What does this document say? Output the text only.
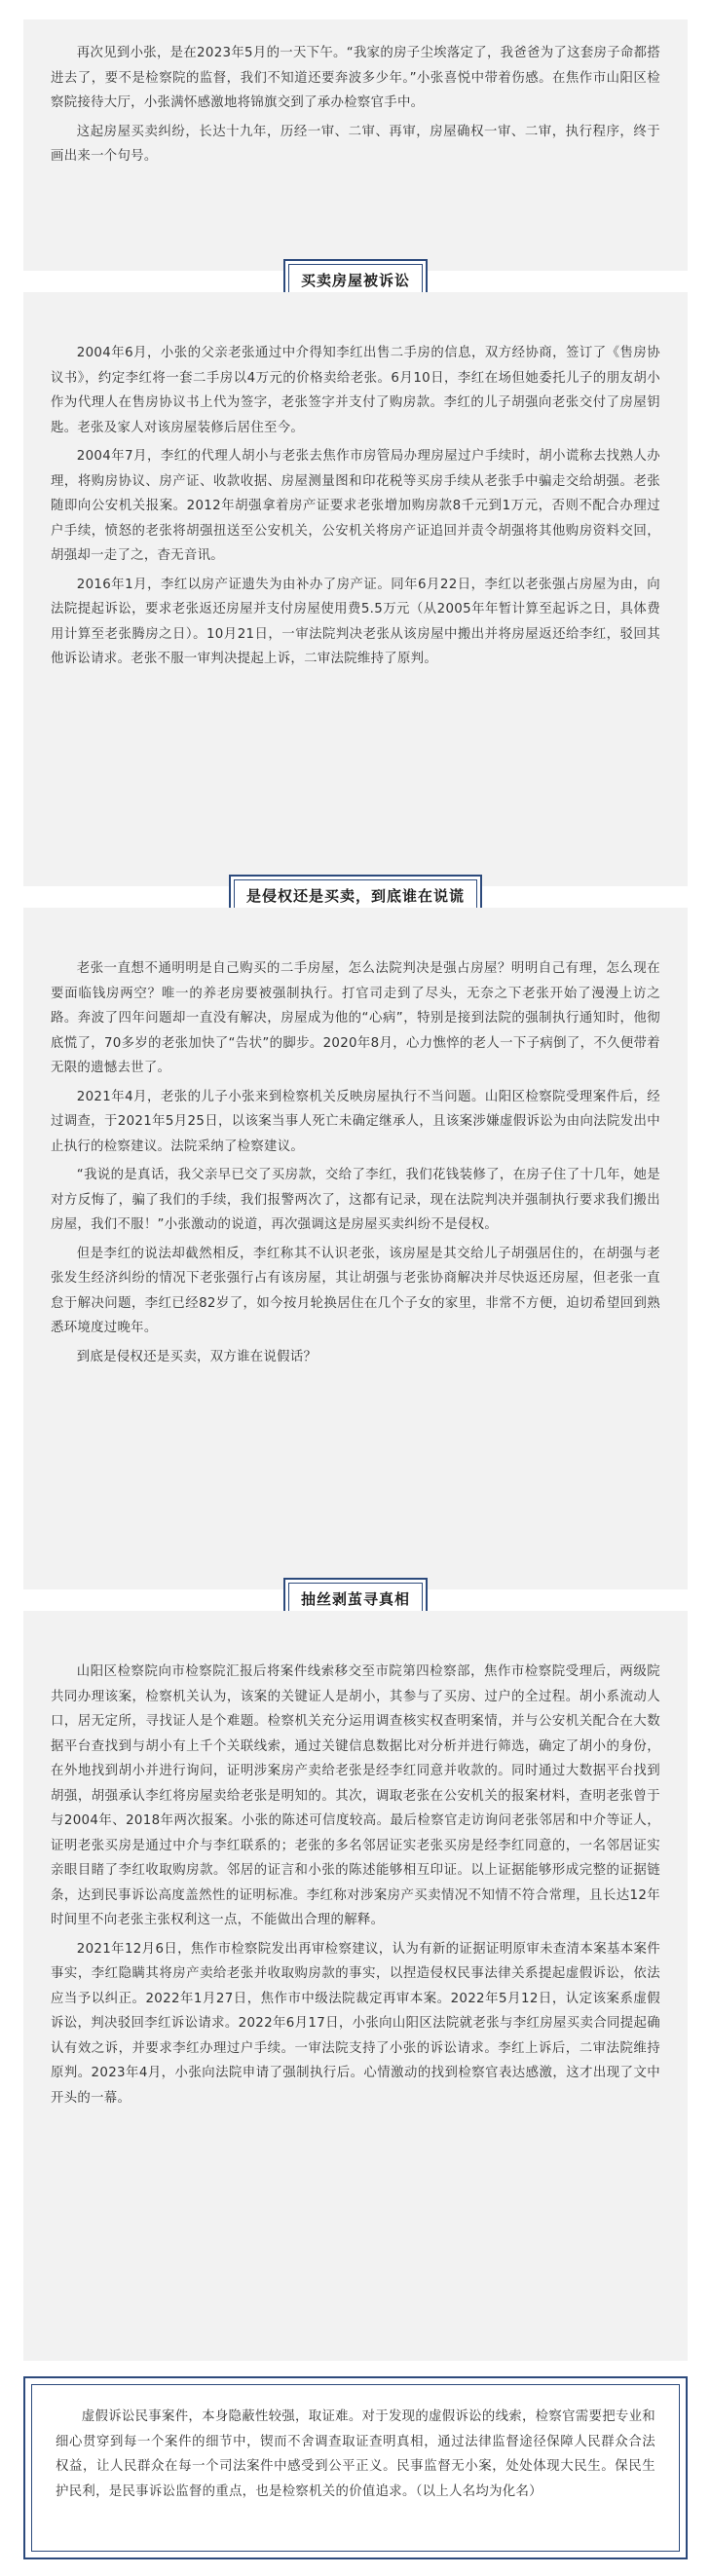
再次见到小张，是在2023年5月的一天下午。“我家的房子尘埃落定了，我爸爸为了这套房子命都搭进去了，要不是检察院的监督，我们不知道还要奔波多少年。”小张喜悦中带着伤感。在焦作市山阳区检察院接待大厅，小张满怀感激地将锦旗交到了承办检察官手中。

这起房屋买卖纠纷，长达十九年，历经一审、二审、再审，房屋确权一审、二审，执行程序，终于画出来一个句号。

买卖房屋被诉讼

2004年6月，小张的父亲老张通过中介得知李红出售二手房的信息，双方经协商，签订了《售房协议书》，约定李红将一套二手房以4万元的价格卖给老张。6月10日，李红在场但她委托儿子的朋友胡小作为代理人在售房协议书上代为签字，老张签字并支付了购房款。李红的儿子胡强向老张交付了房屋钥匙。老张及家人对该房屋装修后居住至今。

2004年7月，李红的代理人胡小与老张去焦作市房管局办理房屋过户手续时，胡小谎称去找熟人办理，将购房协议、房产证、收款收据、房屋测量图和印花税等买房手续从老张手中骗走交给胡强。老张随即向公安机关报案。2012年胡强拿着房产证要求老张增加购房款8千元到1万元，否则不配合办理过户手续，愤怒的老张将胡强扭送至公安机关，公安机关将房产证追回并责令胡强将其他购房资料交回，胡强却一走了之，杳无音讯。

2016年1月，李红以房产证遗失为由补办了房产证。同年6月22日，李红以老张强占房屋为由，向法院提起诉讼，要求老张返还房屋并支付房屋使用费5.5万元（从2005年年暂计算至起诉之日，具体费用计算至老张腾房之日）。10月21日，一审法院判决老张从该房屋中搬出并将房屋返还给李红，驳回其他诉讼请求。老张不服一审判决提起上诉，二审法院维持了原判。

是侵权还是买卖，到底谁在说谎

老张一直想不通明明是自己购买的二手房屋，怎么法院判决是强占房屋？明明自己有理，怎么现在要面临钱房两空？唯一的养老房要被强制执行。打官司走到了尽头，无奈之下老张开始了漫漫上访之路。奔波了四年问题却一直没有解决，房屋成为他的“心病”，特别是接到法院的强制执行通知时，他彻底慌了，70多岁的老张加快了“告状”的脚步。2020年8月，心力憔悴的老人一下子病倒了，不久便带着无限的遗憾去世了。

2021年4月，老张的儿子小张来到检察机关反映房屋执行不当问题。山阳区检察院受理案件后，经过调查，于2021年5月25日，以该案当事人死亡未确定继承人，且该案涉嫌虚假诉讼为由向法院发出中止执行的检察建议。法院采纳了检察建议。

“我说的是真话，我父亲早已交了买房款，交给了李红，我们花钱装修了，在房子住了十几年，她是对方反悔了，骗了我们的手续，我们报警两次了，这都有记录，现在法院判决并强制执行要求我们搬出房屋，我们不服！”小张激动的说道，再次强调这是房屋买卖纠纷不是侵权。

但是李红的说法却截然相反，李红称其不认识老张，该房屋是其交给儿子胡强居住的，在胡强与老张发生经济纠纷的情况下老张强行占有该房屋，其让胡强与老张协商解决并尽快返还房屋，但老张一直怠于解决问题，李红已经82岁了，如今按月轮换居住在几个子女的家里，非常不方便，迫切希望回到熟悉环境度过晚年。

到底是侵权还是买卖，双方谁在说假话？

抽丝剥茧寻真相

山阳区检察院向市检察院汇报后将案件线索移交至市院第四检察部，焦作市检察院受理后，两级院共同办理该案，检察机关认为，该案的关键证人是胡小，其参与了买房、过户的全过程。胡小系流动人口，居无定所，寻找证人是个难题。检察机关充分运用调查核实权查明案情，并与公安机关配合在大数据平台查找到与胡小有上千个关联线索，通过关键信息数据比对分析并进行筛选，确定了胡小的身份，在外地找到胡小并进行询问，证明涉案房产卖给老张是经李红同意并收款的。同时通过大数据平台找到胡强，胡强承认李红将房屋卖给老张是明知的。其次，调取老张在公安机关的报案材料，查明老张曾于与2004年、2018年两次报案。小张的陈述可信度较高。最后检察官走访询问老张邻居和中介等证人，证明老张买房是通过中介与李红联系的；老张的多名邻居证实老张买房是经李红同意的，一名邻居证实亲眼目睹了李红收取购房款。邻居的证言和小张的陈述能够相互印证。以上证据能够形成完整的证据链条，达到民事诉讼高度盖然性的证明标准。李红称对涉案房产买卖情况不知情不符合常理，且长达12年时间里不向老张主张权利这一点，不能做出合理的解释。

2021年12月6日，焦作市检察院发出再审检察建议，认为有新的证据证明原审未查清本案基本案件事实，李红隐瞒其将房产卖给老张并收取购房款的事实，以捏造侵权民事法律关系提起虚假诉讼，依法应当予以纠正。2022年1月27日，焦作市中级法院裁定再审本案。2022年5月12日，认定该案系虚假诉讼，判决驳回李红诉讼请求。2022年6月17日，小张向山阳区法院就老张与李红房屋买卖合同提起确认有效之诉，并要求李红办理过户手续。一审法院支持了小张的诉讼请求。李红上诉后，二审法院维持原判。2023年4月，小张向法院申请了强制执行后。心情激动的找到检察官表达感激，这才出现了文中开头的一幕。

虚假诉讼民事案件，本身隐蔽性较强，取证难。对于发现的虚假诉讼的线索，检察官需要把专业和细心贯穿到每一个案件的细节中，锲而不舍调查取证查明真相，通过法律监督途径保障人民群众合法权益，让人民群众在每一个司法案件中感受到公平正义。民事监督无小案，处处体现大民生。保民生护民利，是民事诉讼监督的重点，也是检察机关的价值追求。（以上人名均为化名）
